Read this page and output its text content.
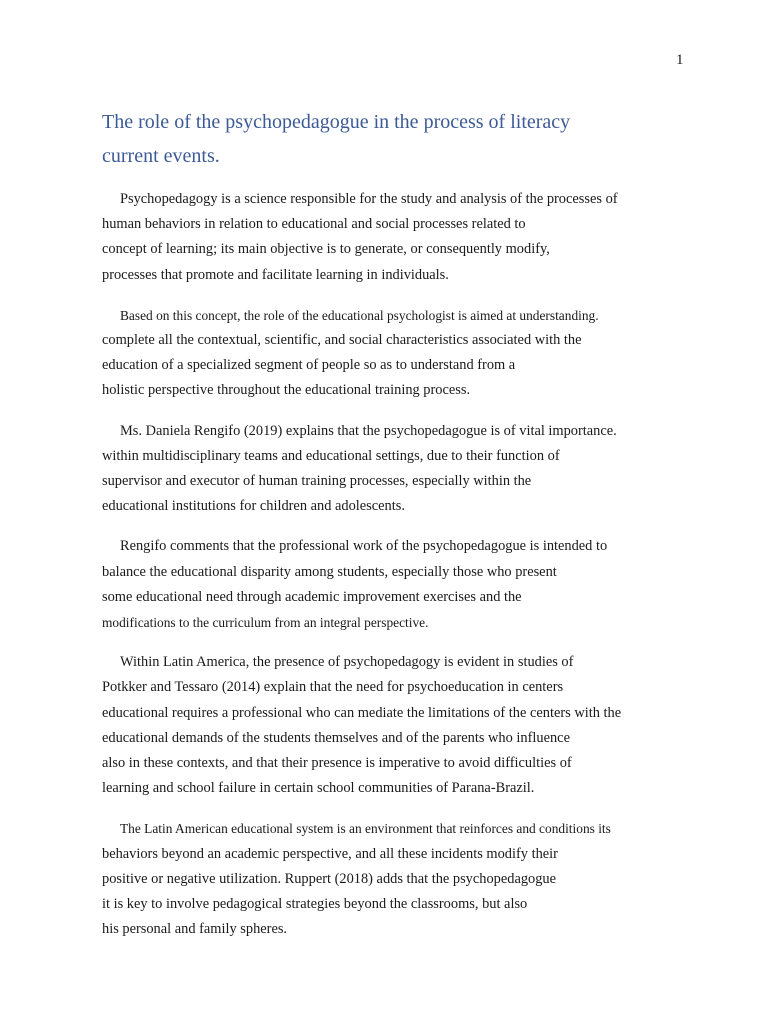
1
The role of the psychopedagogue in the process of literacy
current events.

Psychopedagogy is a science responsible for the study and analysis of the processes of
human behaviors in relation to educational and social processes related to
concept of learning; its main objective is to generate, or consequently modify,
processes that promote and facilitate learning in individuals.

Based on this concept, the role of the educational psychologist is aimed at understanding.
complete all the contextual, scientific, and social characteristics associated with the
education of a specialized segment of people so as to understand from a
holistic perspective throughout the educational training process.

Ms. Daniela Rengifo (2019) explains that the psychopedagogue is of vital importance.
within multidisciplinary teams and educational settings, due to their function of
supervisor and executor of human training processes, especially within the
educational institutions for children and adolescents.

Rengifo comments that the professional work of the psychopedagogue is intended to
balance the educational disparity among students, especially those who present
some educational need through academic improvement exercises and the
modifications to the curriculum from an integral perspective.

Within Latin America, the presence of psychopedagogy is evident in studies of
Potkker and Tessaro (2014) explain that the need for psychoeducation in centers
educational requires a professional who can mediate the limitations of the centers with the
educational demands of the students themselves and of the parents who influence
also in these contexts, and that their presence is imperative to avoid difficulties of
learning and school failure in certain school communities of Parana-Brazil.

The Latin American educational system is an environment that reinforces and conditions its
behaviors beyond an academic perspective, and all these incidents modify their
positive or negative utilization. Ruppert (2018) adds that the psychopedagogue
it is key to involve pedagogical strategies beyond the classrooms, but also
his personal and family spheres.
